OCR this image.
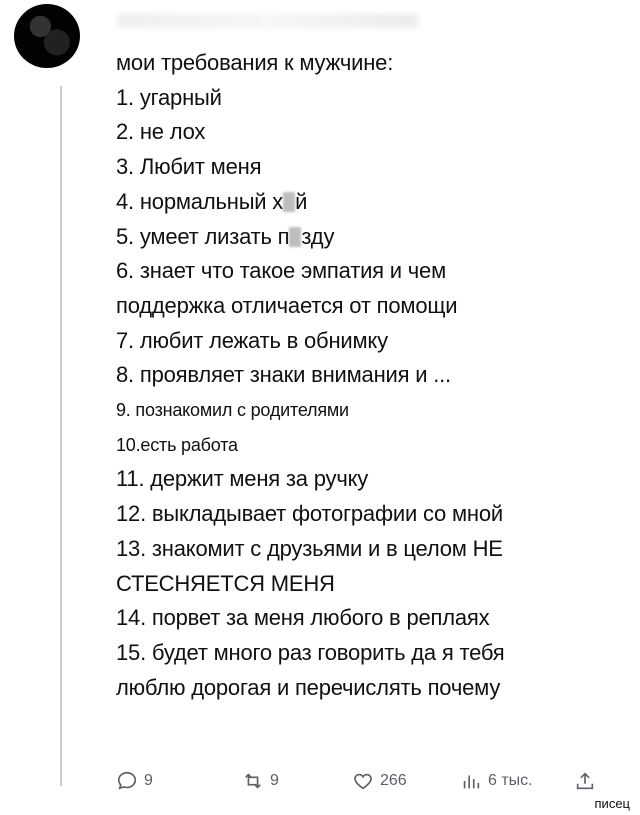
мои требования к мужчине:
1. угарный
2. не лох
3. Любит меня
4. нормальный х й
5. умеет лизать п зду
6. знает что такое эмпатия и чем
поддержка отличается от помощи
7. любит лежать в обнимку
8. проявляет знаки внимания и ...
9. познакомил с родителями
10.есть работа
11. держит меня за ручку
12. выкладывает фотографии со мной
13. знакомит с друзьями и в целом НЕ
СТЕСНЯЕТСЯ МЕНЯ
14. порвет за меня любого в реплаях
15. будет много раз говорить да я тебя
люблю дорогая и перечислять почему
9	9	266	6 тыс.
писец
